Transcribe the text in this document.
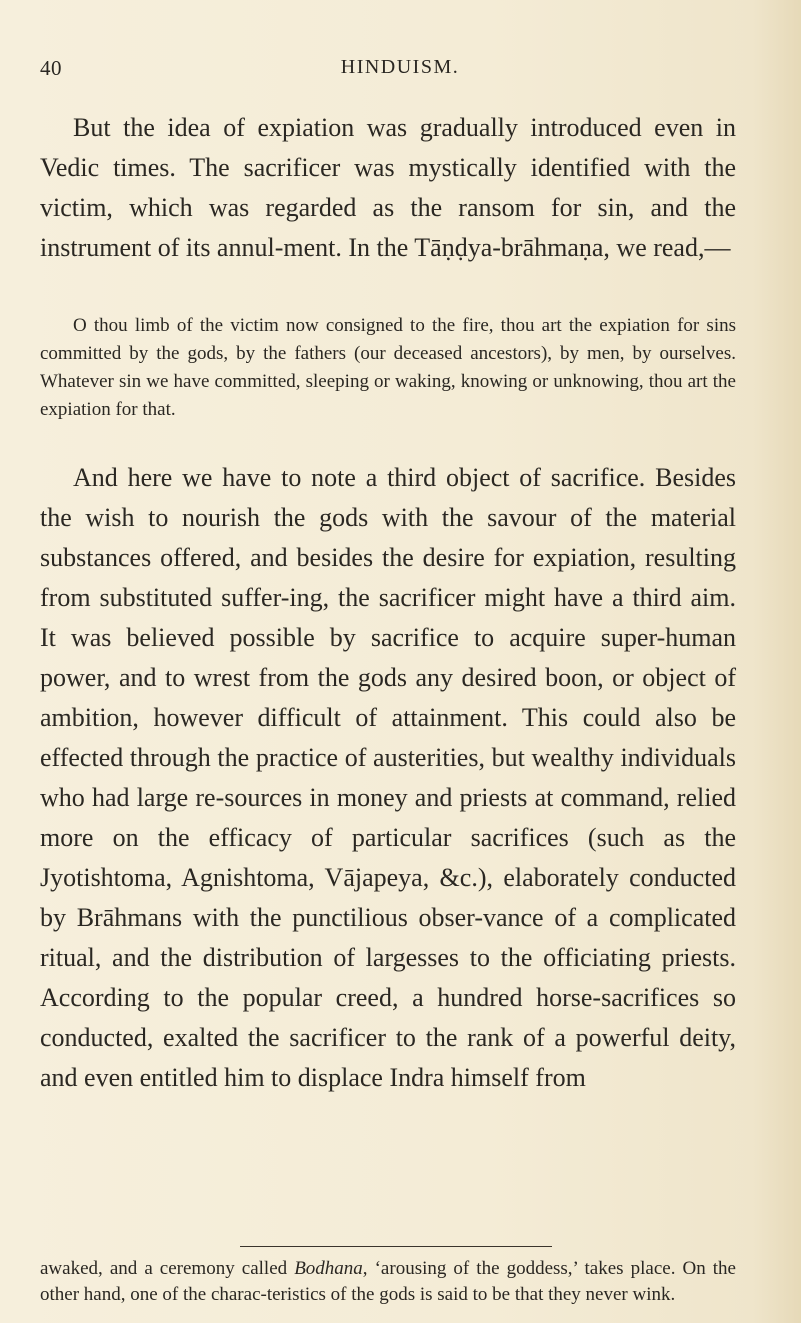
40	HINDUISM.

But the idea of expiation was gradually introduced even in Vedic times. The sacrificer was mystically identified with the victim, which was regarded as the ransom for sin, and the instrument of its annul-ment. In the Tāṇḍya-brāhmaṇa, we read,—

O thou limb of the victim now consigned to the fire, thou art the expiation for sins committed by the gods, by the fathers (our deceased ancestors), by men, by ourselves. Whatever sin we have committed, sleeping or waking, knowing or unknowing, thou art the expiation for that.

And here we have to note a third object of sacrifice. Besides the wish to nourish the gods with the savour of the material substances offered, and besides the desire for expiation, resulting from substituted suffer-ing, the sacrificer might have a third aim. It was believed possible by sacrifice to acquire super-human power, and to wrest from the gods any desired boon, or object of ambition, however difficult of attainment. This could also be effected through the practice of austerities, but wealthy individuals who had large re-sources in money and priests at command, relied more on the efficacy of particular sacrifices (such as the Jyotishtoma, Agnishtoma, Vājapeya, &c.), elaborately conducted by Brāhmans with the punctilious obser-vance of a complicated ritual, and the distribution of largesses to the officiating priests. According to the popular creed, a hundred horse-sacrifices so conducted, exalted the sacrificer to the rank of a powerful deity, and even entitled him to displace Indra himself from

awaked, and a ceremony called Bodhana, ‘arousing of the goddess,’ takes place. On the other hand, one of the charac-teristics of the gods is said to be that they never wink.
